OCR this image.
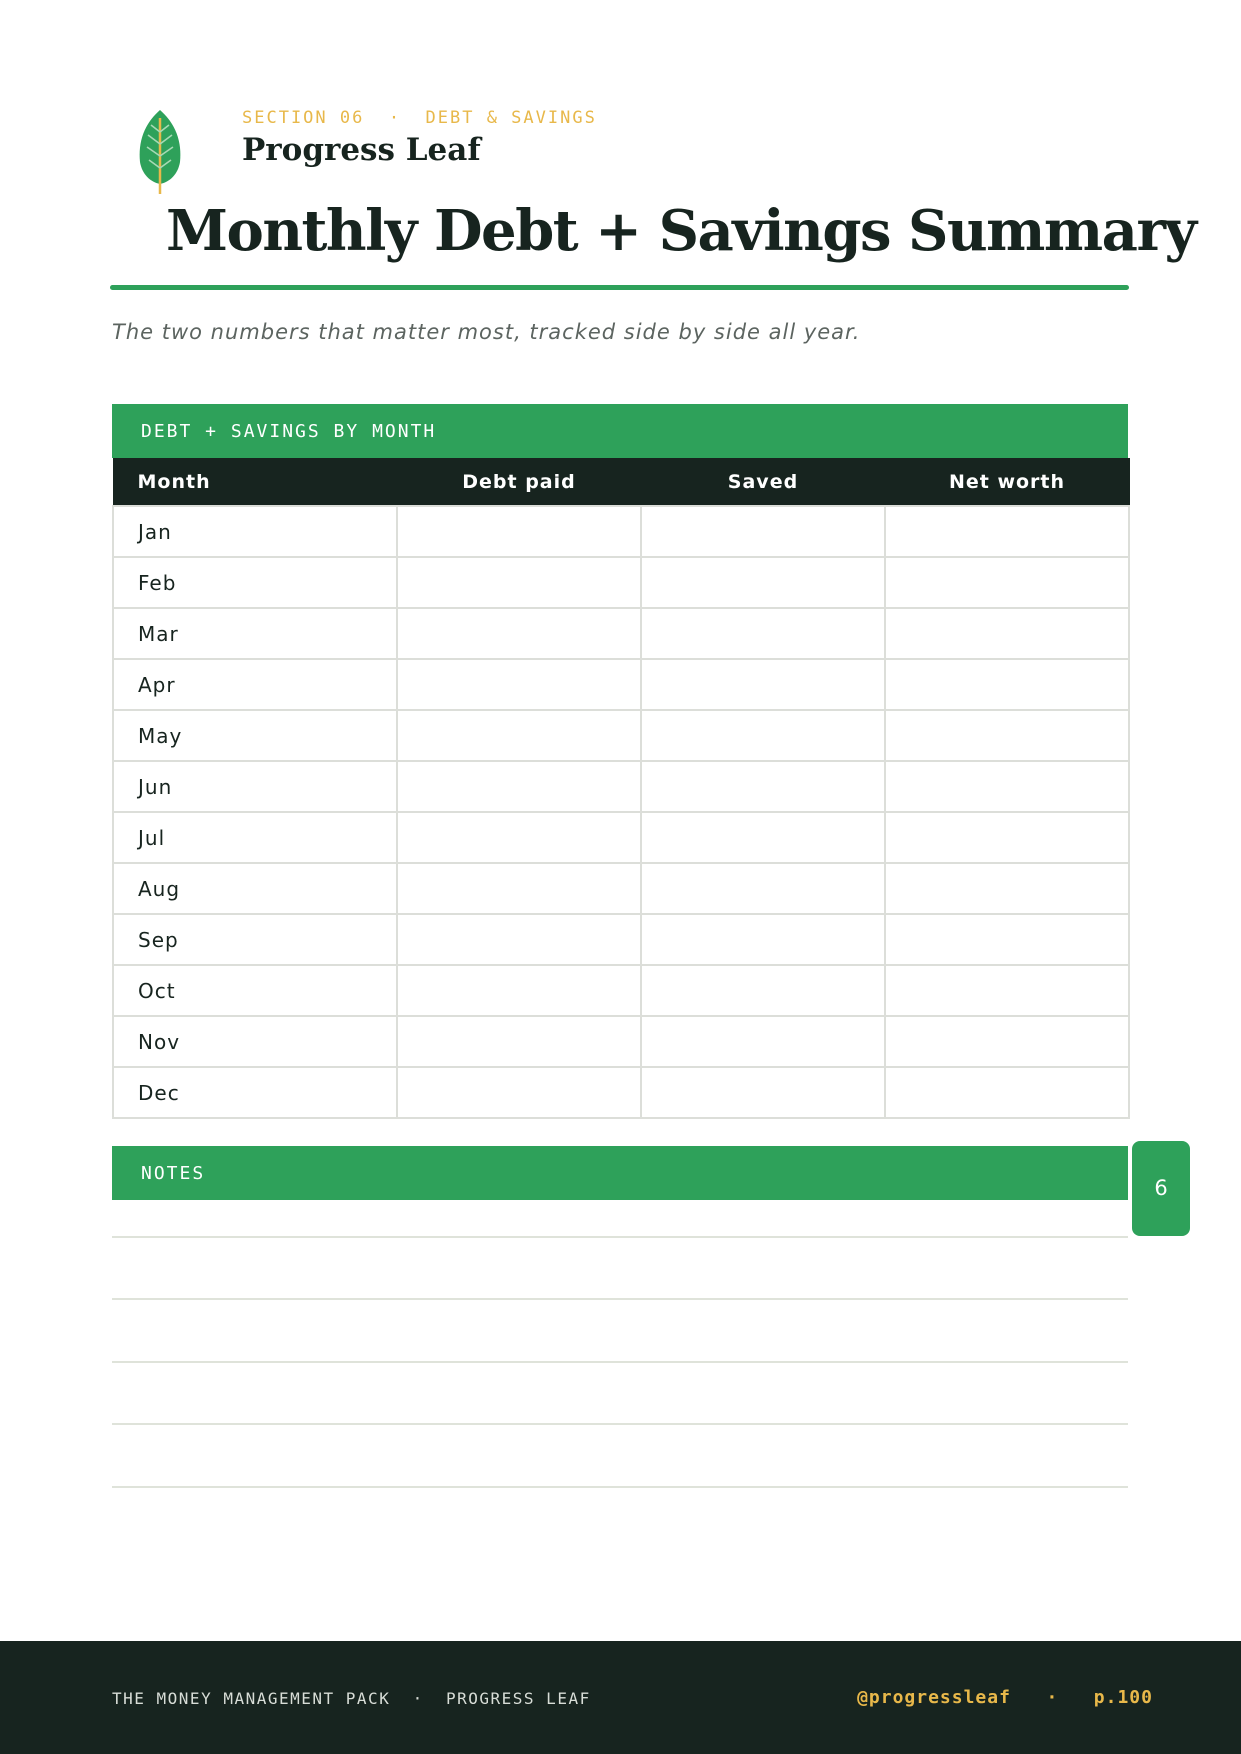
SECTION 06  ·  DEBT & SAVINGS
Progress Leaf
Monthly Debt + Savings Summary
The two numbers that matter most, tracked side by side all year.
DEBT + SAVINGS BY MONTH
Month	Debt paid	Saved	Net worth
Jan			
Feb			
Mar			
Apr			
May			
Jun			
Jul			
Aug			
Sep			
Oct			
Nov			
Dec			
NOTES
6
THE MONEY MANAGEMENT PACK  ·  PROGRESS LEAF	@progressleaf   ·   p.100
